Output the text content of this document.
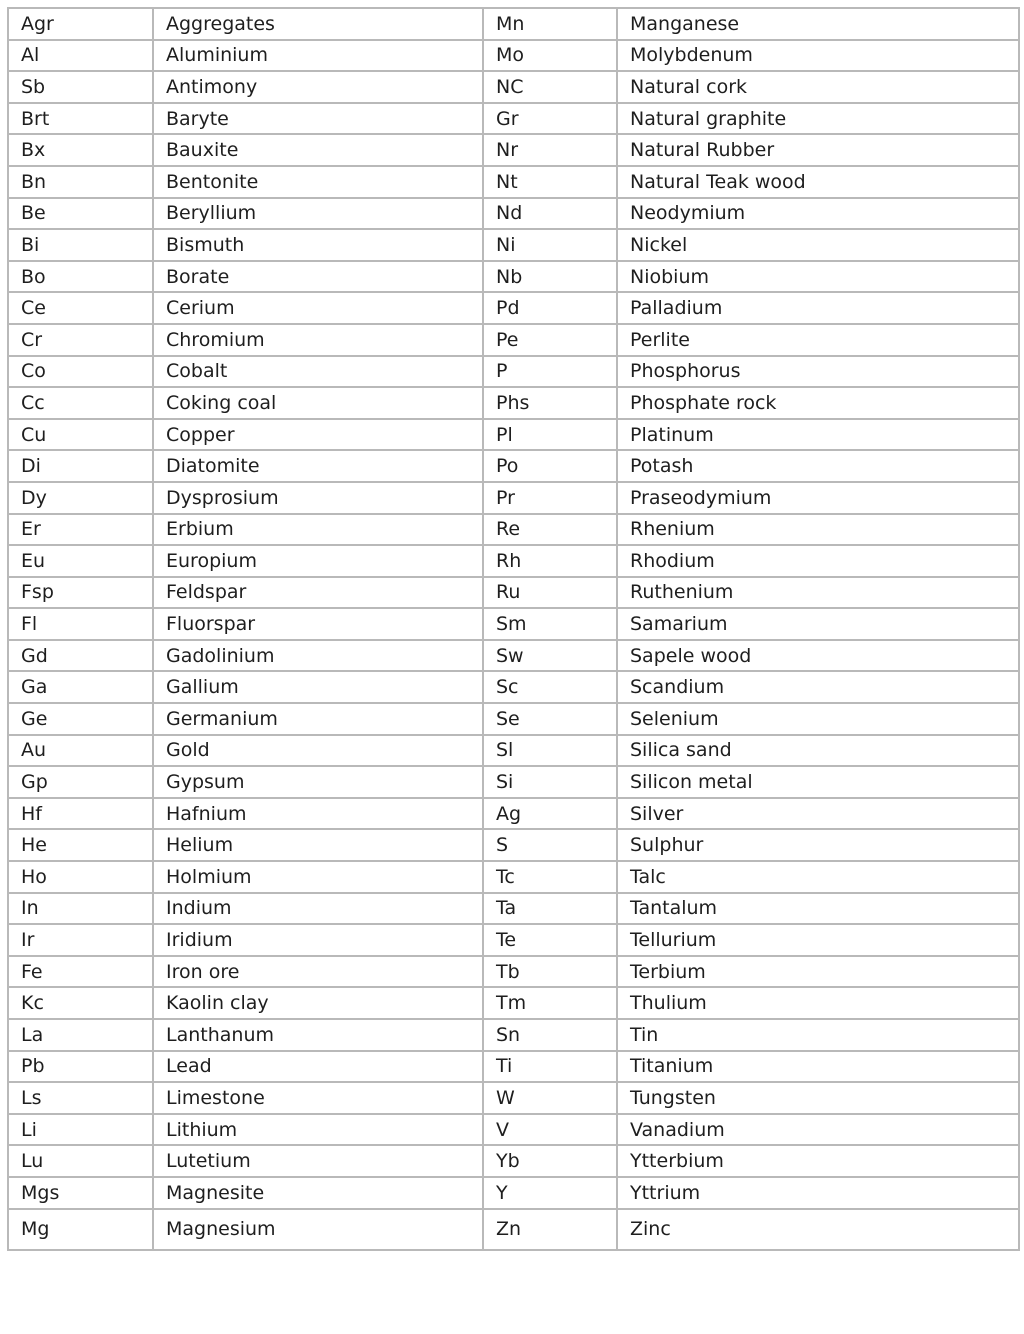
Agr	Aggregates	Mn	Manganese
Al	Aluminium	Mo	Molybdenum
Sb	Antimony	NC	Natural cork
Brt	Baryte	Gr	Natural graphite
Bx	Bauxite	Nr	Natural Rubber
Bn	Bentonite	Nt	Natural Teak wood
Be	Beryllium	Nd	Neodymium
Bi	Bismuth	Ni	Nickel
Bo	Borate	Nb	Niobium
Ce	Cerium	Pd	Palladium
Cr	Chromium	Pe	Perlite
Co	Cobalt	P	Phosphorus
Cc	Coking coal	Phs	Phosphate rock
Cu	Copper	Pl	Platinum
Di	Diatomite	Po	Potash
Dy	Dysprosium	Pr	Praseodymium
Er	Erbium	Re	Rhenium
Eu	Europium	Rh	Rhodium
Fsp	Feldspar	Ru	Ruthenium
Fl	Fluorspar	Sm	Samarium
Gd	Gadolinium	Sw	Sapele wood
Ga	Gallium	Sc	Scandium
Ge	Germanium	Se	Selenium
Au	Gold	Sl	Silica sand
Gp	Gypsum	Si	Silicon metal
Hf	Hafnium	Ag	Silver
He	Helium	S	Sulphur
Ho	Holmium	Tc	Talc
In	Indium	Ta	Tantalum
Ir	Iridium	Te	Tellurium
Fe	Iron ore	Tb	Terbium
Kc	Kaolin clay	Tm	Thulium
La	Lanthanum	Sn	Tin
Pb	Lead	Ti	Titanium
Ls	Limestone	W	Tungsten
Li	Lithium	V	Vanadium
Lu	Lutetium	Yb	Ytterbium
Mgs	Magnesite	Y	Yttrium
Mg	Magnesium	Zn	Zinc
